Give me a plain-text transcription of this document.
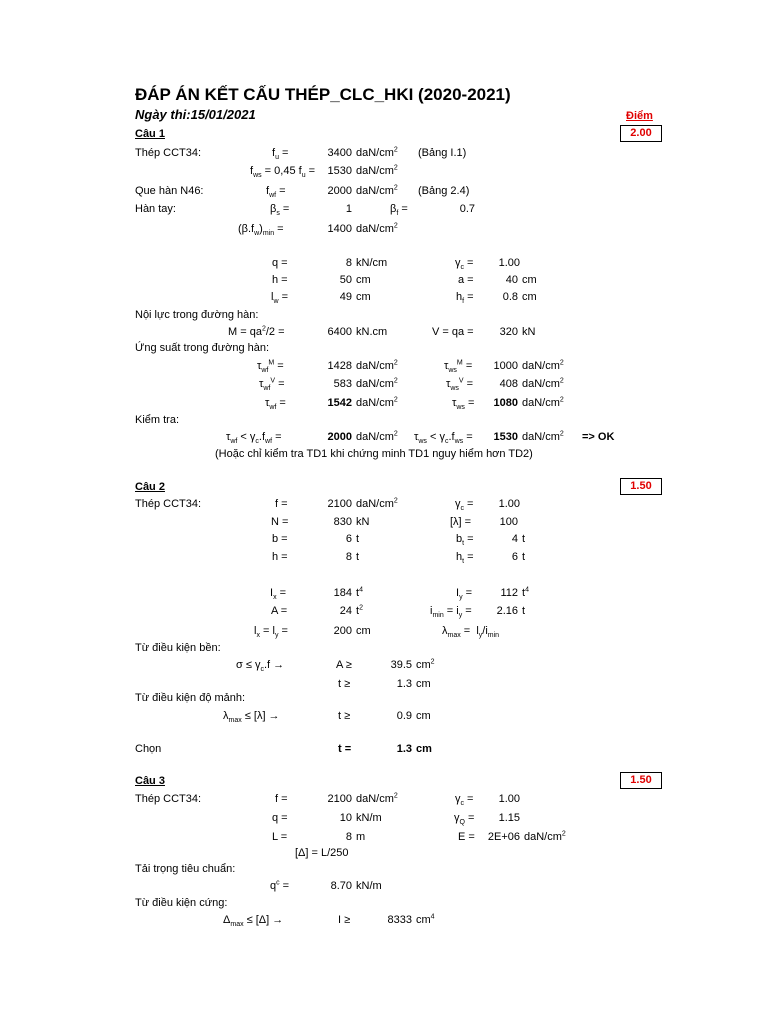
ĐÁP ÁN KẾT CẤU THÉP_CLC_HKI (2020-2021)
Ngày thi:15/01/2021	Điểm
Câu 1	2.00
Thép CCT34:	$f_u$ =	3400 daN/$cm^2$ (Bảng I.1)
$f_{ws} = 0,45$ $f_u$ =	1530 daN/$cm^2$
Que hàn N46:	$f_{wf}$ =	2000 daN/$cm^2$ (Bảng 2.4)
Hàn tay:	$\beta_s$ =	1	$\beta_f$ =	0.7
$(\beta.f_w)_{min}$ =	1400 daN/$cm^2$
q =	8 kN/cm	$\gamma_c$ =	1.00
h =	50 cm	a =	40 cm
$l_w$ =	49 cm	$h_f$ =	0.8 cm
Nội lực trong đường hàn:
$M = qa^2/2$ =	6400 kN.cm	V = qa =	320 kN
Ứng suất trong đường hàn:
$\tau_{wf}^M$ =	1428 daN/$cm^2$	$\tau_{ws}^M$ =	1000 daN/$cm^2$
$\tau_{wf}^V$ =	583 daN/$cm^2$	$\tau_{ws}^V$ =	408 daN/$cm^2$
$\tau_{wf}$ =	1542 daN/$cm^2$	$\tau_{ws}$ =	1080 daN/$cm^2$
Kiểm tra:
$\tau_{wf} < \gamma_c.f_{wf}$ =	2000 daN/$cm^2$ $\tau_{ws} < \gamma_c.f_{ws}$ =	1530 daN/$cm^2$ => OK
(Hoặc chỉ kiểm tra TD1 khi chứng minh TD1 nguy hiểm hơn TD2)
Câu 2	1.50
Thép CCT34:	f =	2100 daN/$cm^2$	$\gamma_c$ =	1.00
N =	830 kN	[λ] =	100
b =	6 t	$b_t$ =	4 t
h =	8 t	$h_t$ =	6 t
$I_x$ =	184 $t^4$	$I_y$ =	112 $t^4$
A =	24 $t^2$	$i_{min} = i_y$ =	2.16 t
$l_x = l_y$ =	200 cm	$\lambda_{max} = l_y/i_{min}$
Từ điều kiện bền:
$\sigma \le \gamma_c.f$ →	A ≥	39.5 $cm^2$
t ≥	1.3 cm
Từ điều kiện độ mảnh:
$\lambda_{max} \le [\lambda]$ →	t ≥	0.9 cm
Chọn	t =	1.3 cm
Câu 3	1.50
Thép CCT34:	f =	2100 daN/$cm^2$	$\gamma_c$ =	1.00
q =	10 kN/m	$\gamma_Q$ =	1.15
L =	8 m	E =	2E+06 daN/$cm^2$
[Δ] = L/250
Tải trọng tiêu chuẩn:
$q^c$ =	8.70 kN/m
Từ điều kiện cứng:
$\Delta_{max} \le [\Delta]$ →	I ≥	8333 $cm^4$
